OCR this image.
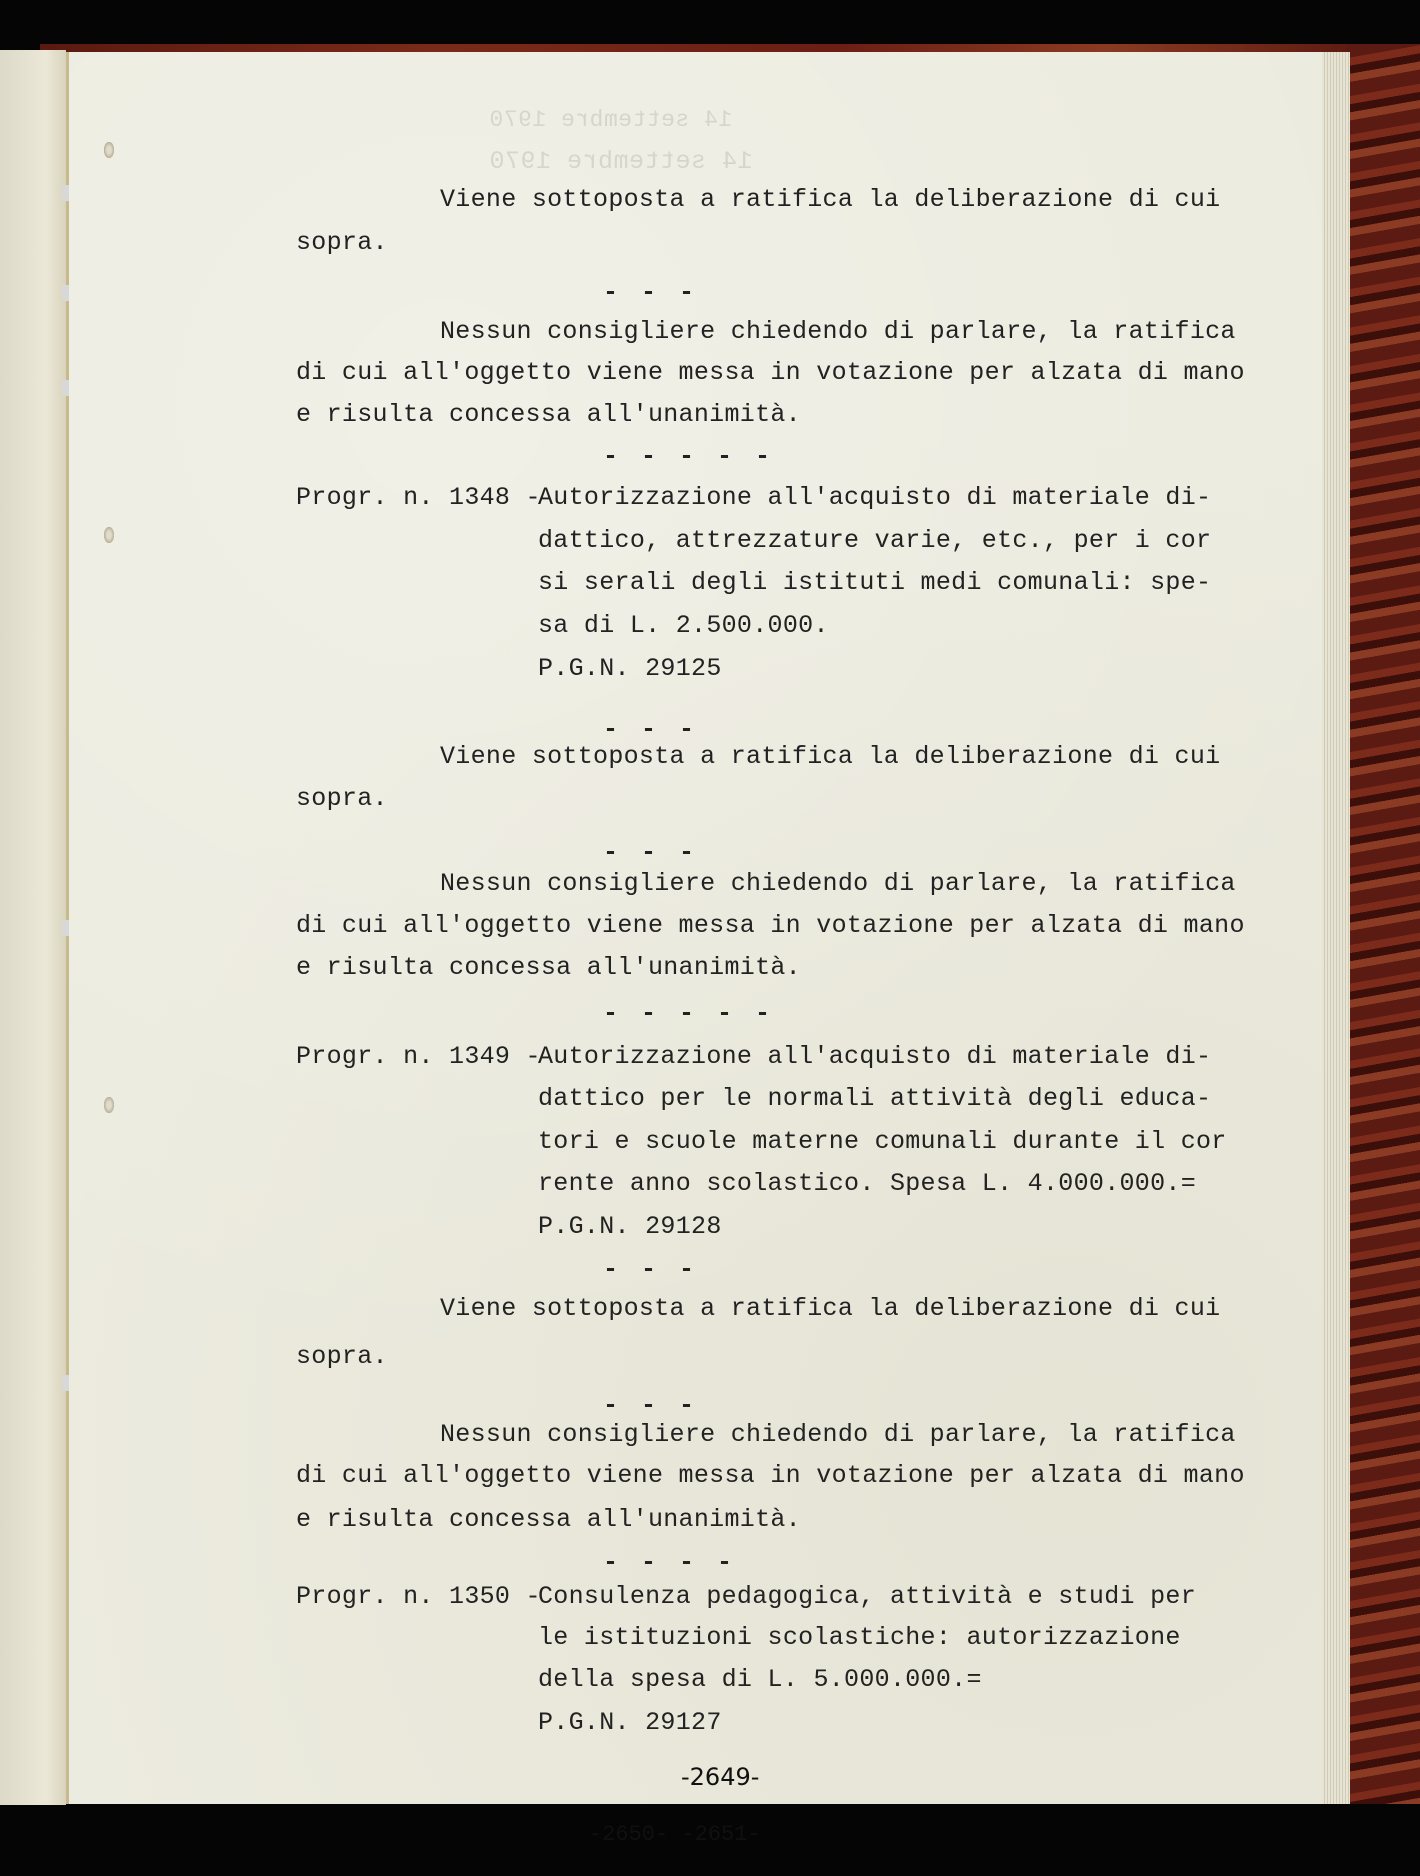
14 settembre 1970
14 settembre 1970
-2650- -2651-
Viene sottoposta a ratifica la deliberazione di cui
sopra.
- - -
Nessun consigliere chiedendo di parlare, la ratifica
di cui all'oggetto viene messa in votazione per alzata di mano
e risulta concessa all'unanimità.
- - - - -
Progr. n. 1348 -
Autorizzazione all'acquisto di materiale di-
dattico, attrezzature varie, etc., per i cor
si serali degli istituti medi comunali: spe-
sa di L. 2.500.000.
P.G.N. 29125
- - -
Viene sottoposta a ratifica la deliberazione di cui
sopra.
- - -
Nessun consigliere chiedendo di parlare, la ratifica
di cui all'oggetto viene messa in votazione per alzata di mano
e risulta concessa all'unanimità.
- - - - -
Progr. n. 1349 -
Autorizzazione all'acquisto di materiale di-
dattico per le normali attività degli educa-
tori e scuole materne comunali durante il cor
rente anno scolastico. Spesa L. 4.000.000.=
P.G.N. 29128
- - -
Viene sottoposta a ratifica la deliberazione di cui
sopra.
- - -
Nessun consigliere chiedendo di parlare, la ratifica
di cui all'oggetto viene messa in votazione per alzata di mano
e risulta concessa all'unanimità.
- - - -
Progr. n. 1350 -
Consulenza pedagogica, attività e studi per
le istituzioni scolastiche: autorizzazione
della spesa di L. 5.000.000.=
P.G.N. 29127
-2649-
